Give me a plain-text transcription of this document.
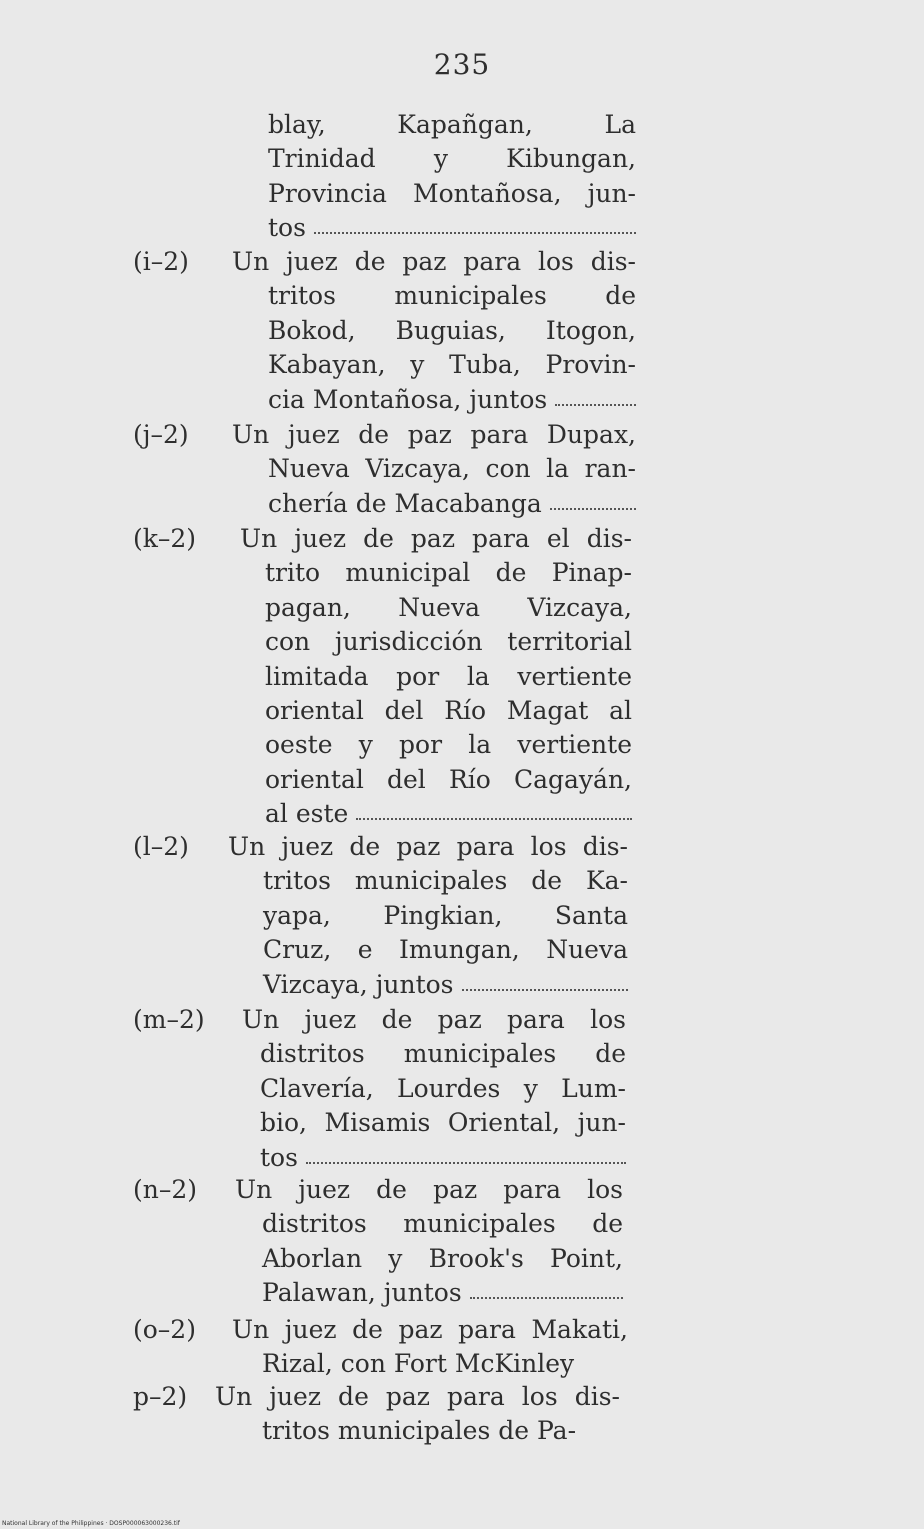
235
blay, Kapañgan, La
Trinidad y Kibungan,
Provincia Montañosa, jun-
tos
(i–2) Un juez de paz para los dis-
tritos municipales de
Bokod, Buguias, Itogon,
Kabayan, y Tuba, Provin-
cia Montañosa, juntos
(j–2) Un juez de paz para Dupax,
Nueva Vizcaya, con la ran-
chería de Macabanga
(k–2) Un juez de paz para el dis-
trito municipal de Pinap-
pagan, Nueva Vizcaya,
con jurisdicción territorial
limitada por la vertiente
oriental del Río Magat al
oeste y por la vertiente
oriental del Río Cagayán,
al este
(l–2) Un juez de paz para los dis-
tritos municipales de Ka-
yapa, Pingkian, Santa
Cruz, e Imungan, Nueva
Vizcaya, juntos
(m–2) Un juez de paz para los
distritos municipales de
Clavería, Lourdes y Lum-
bio, Misamis Oriental, jun-
tos
(n–2) Un juez de paz para los
distritos municipales de
Aborlan y Brook's Point,
Palawan, juntos
(o–2) Un juez de paz para Makati,
Rizal, con Fort McKinley
p–2) Un juez de paz para los dis-
tritos municipales de Pa-
National Library of the Philippines · DOSP000063000236.tif
